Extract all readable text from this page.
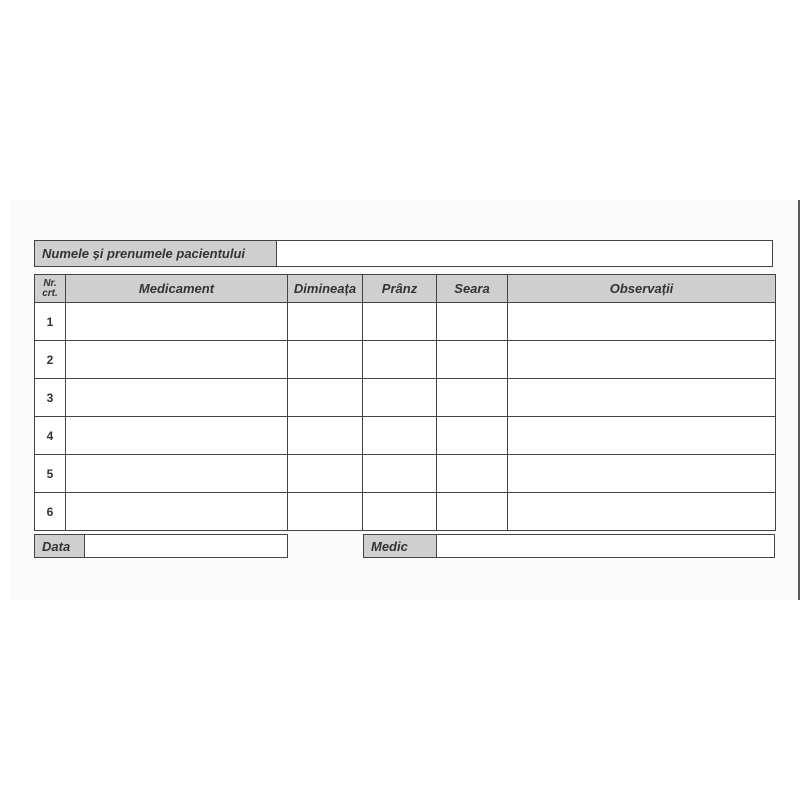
Numele și prenumele pacientului
Nr. crt.	Medicament	Dimineața	Prânz	Seara	Observații
1					
2					
3					
4					
5					
6					
Data	Medic
